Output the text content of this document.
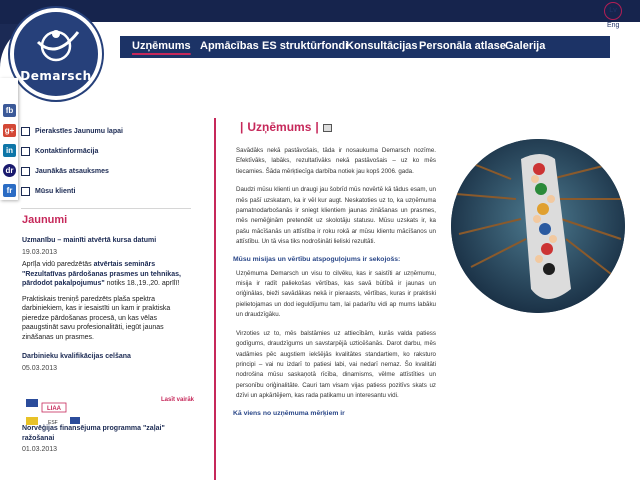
Demarsch
Uzņēmums Apmācības ES struktūrfondi
Konsultācijas Personāla atlase Galerija
Lv
Eng
fb
g+
in
dr
fr
Pierakstīes Jaunumu lapai
Kontaktinformācija
Jaunākās atsauksmes
Mūsu klienti
Jaunumi
Uzmanību – mainīti atvērtā kursa datumi
19.03.2013
Aprīļa vidū paredzētās atvērtais seminārs "Rezultatīvas pārdošanas prasmes un tehnikas, pārdodot pakalpojumus" notiks 18.,19.,20. aprīlī!
Praktiskais treniņš paredzēts plaša spektra darbiniekiem, kas ir iesaistīti un kam ir praktiska pieredze pārdošanas procesā, un kas vēlas paaugstināt savu profesionalitāti, iegūt jaunas zināšanas un prasmes.
Darbinieku kvalifikācijas celšana
05.03.2013
Norvēģijas finansējuma programma "zaļai" ražošanai
01.03.2013
LIAA
ESF
Lasīt vairāk
| Uzņēmums |

Savādāks nekā pastāvošais, tāda ir nosaukuma Demarsch nozīme. Efektīvāks, labāks, rezultatīvāks nekā pastāvošais – uz ko mēs tiecamies. Šāda mērķtiecīga darbība notiek jau kopš 2006. gada.

Daudzi mūsu klienti un draugi jau šobrīd mūs novērtē kā tādus esam, un mēs pašī uzskatam, ka ir vēl kur augt. Neskatoties uz to, ka uzņēmuma pamatnodarbošanās ir sniegt klientiem jaunas zināšanas un prasmes, mēs nemēģinām pretendēt uz skolotāju statusu. Mūsu uzskats ir, ka pašu mācīšanās un attīstība ir roku rokā ar mūsu klientu mācīšanos un attīstību. Un tā visa tiks nodrošināti lieliski rezultāti.

Mūsu misijas un vērtību atspoguļojums ir sekojošs:

Uzņēmuma Demarsch un visu to cilvēku, kas ir saistīti ar uzņēmumu, misija ir radīt paliekošas vērtības, kas savā būtībā ir jaunas un oriģinālas, bieži savādākas nekā ir pieraasts, vērtības, kuras ir praktiski pielietojamas un dod ieguldījumu tam, lai padarītu vidi ap mums labāku un draudzīgāku.

Virzoties uz to, mēs balstāmies uz attiecībām, kurās valda patiess godīgums, draudzīgums un savstarpējā uzticēšanās. Darot darbu, mēs vadāmies pēc augstiem iekšējās kvalitātes standartiem, ko raksturo principi – vai nu izdarī to patiesi labi, vai nedarī nemaz. Šo kvalitāti nodrošina mūsu saskaņotā rīcība, dinamisms, vēlme attīstīties un personību oriģinalitāte. Cauri tam visam vijas patiess pozitīvs skats uz dzīvi un apkārtējiem, kas rada patikamu un interesantu vidi.

Kā viens no uzņēmuma mērķiem ir
